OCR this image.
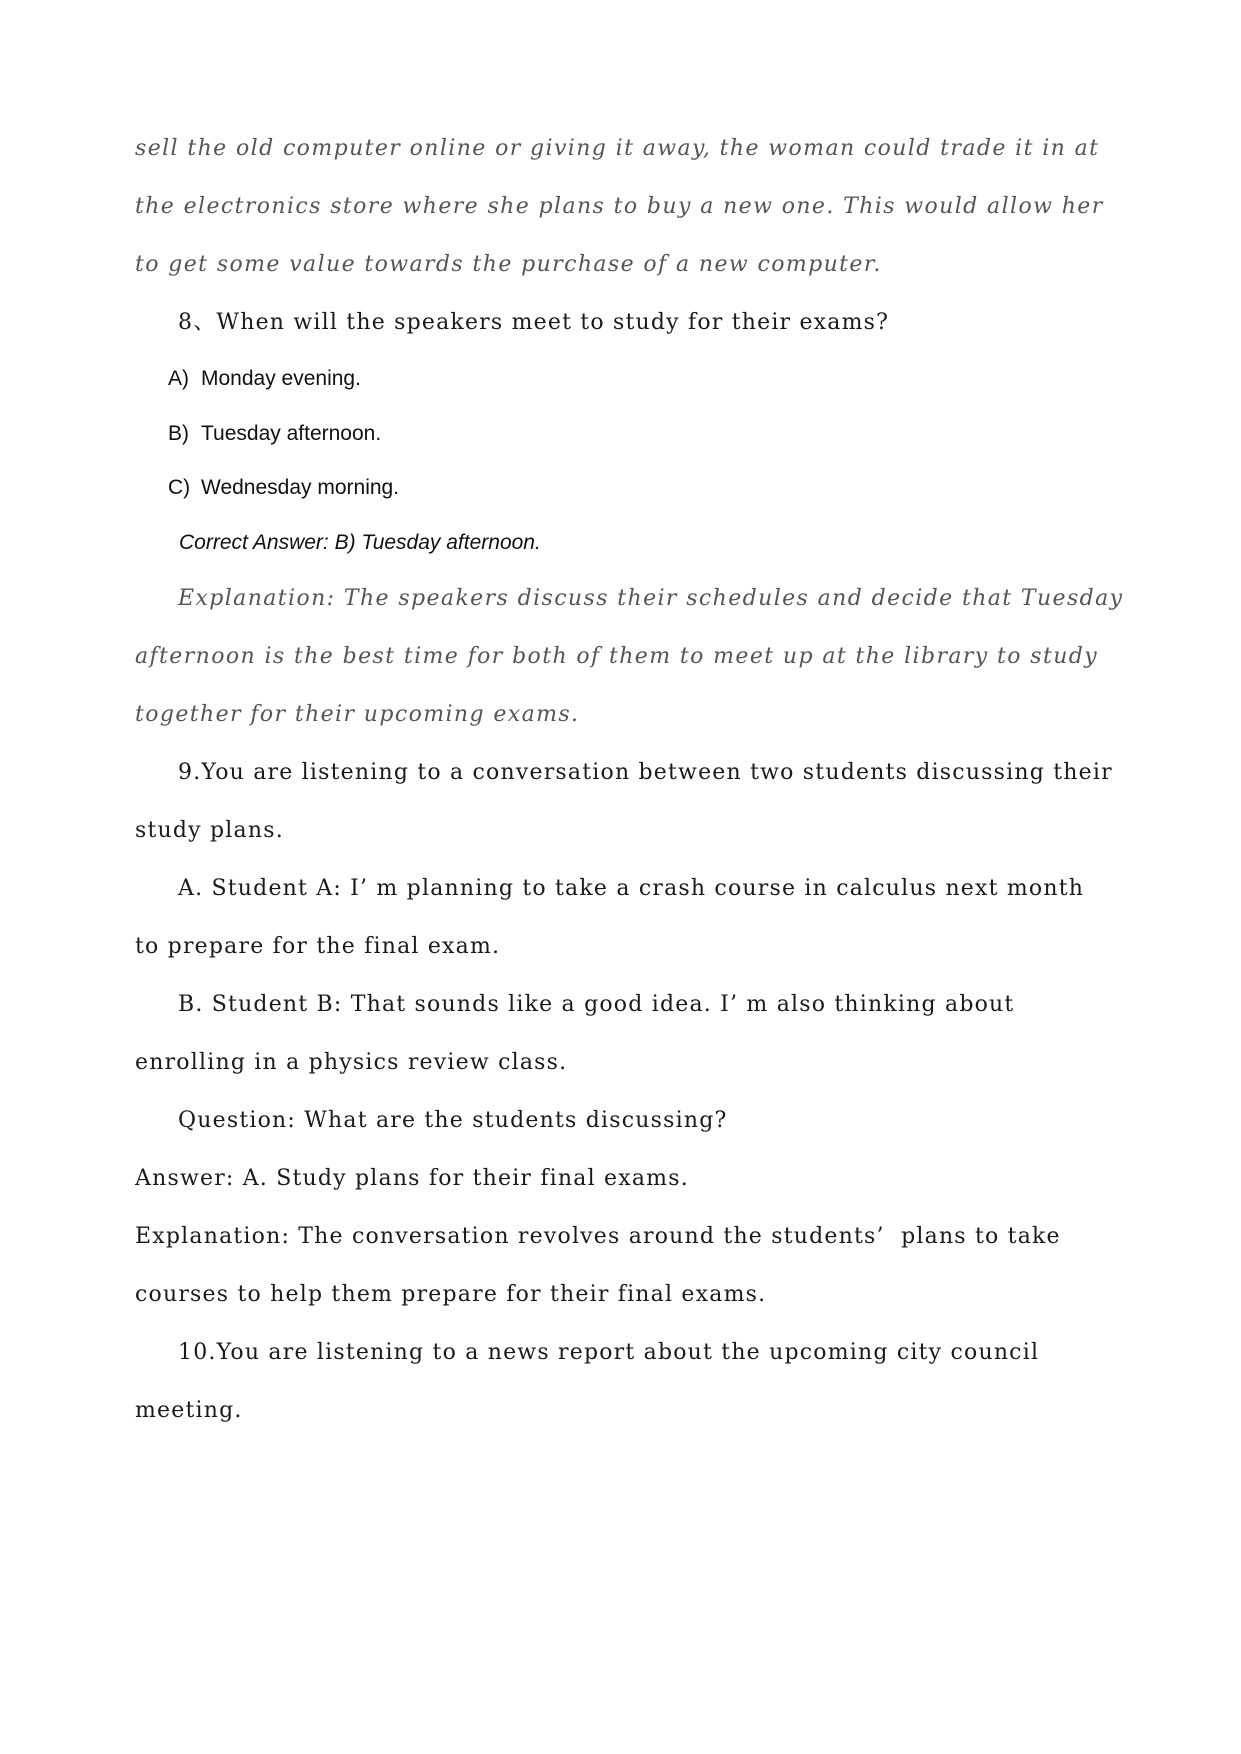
sell the old computer online or giving it away, the woman could trade it in at
the electronics store where she plans to buy a new one. This would allow her
to get some value towards the purchase of a new computer.
8、When will the speakers meet to study for their exams?
A) Monday evening.
B) Tuesday afternoon.
C) Wednesday morning.
Correct Answer: B) Tuesday afternoon.
Explanation: The speakers discuss their schedules and decide that Tuesday
afternoon is the best time for both of them to meet up at the library to study
together for their upcoming exams.
9.You are listening to a conversation between two students discussing their
study plans.
A. Student A: I’ m planning to take a crash course in calculus next month
to prepare for the final exam.
B. Student B: That sounds like a good idea. I’ m also thinking about
enrolling in a physics review class.
Question: What are the students discussing?
Answer: A. Study plans for their final exams.
Explanation: The conversation revolves around the students’  plans to take
courses to help them prepare for their final exams.
10.You are listening to a news report about the upcoming city council
meeting.
